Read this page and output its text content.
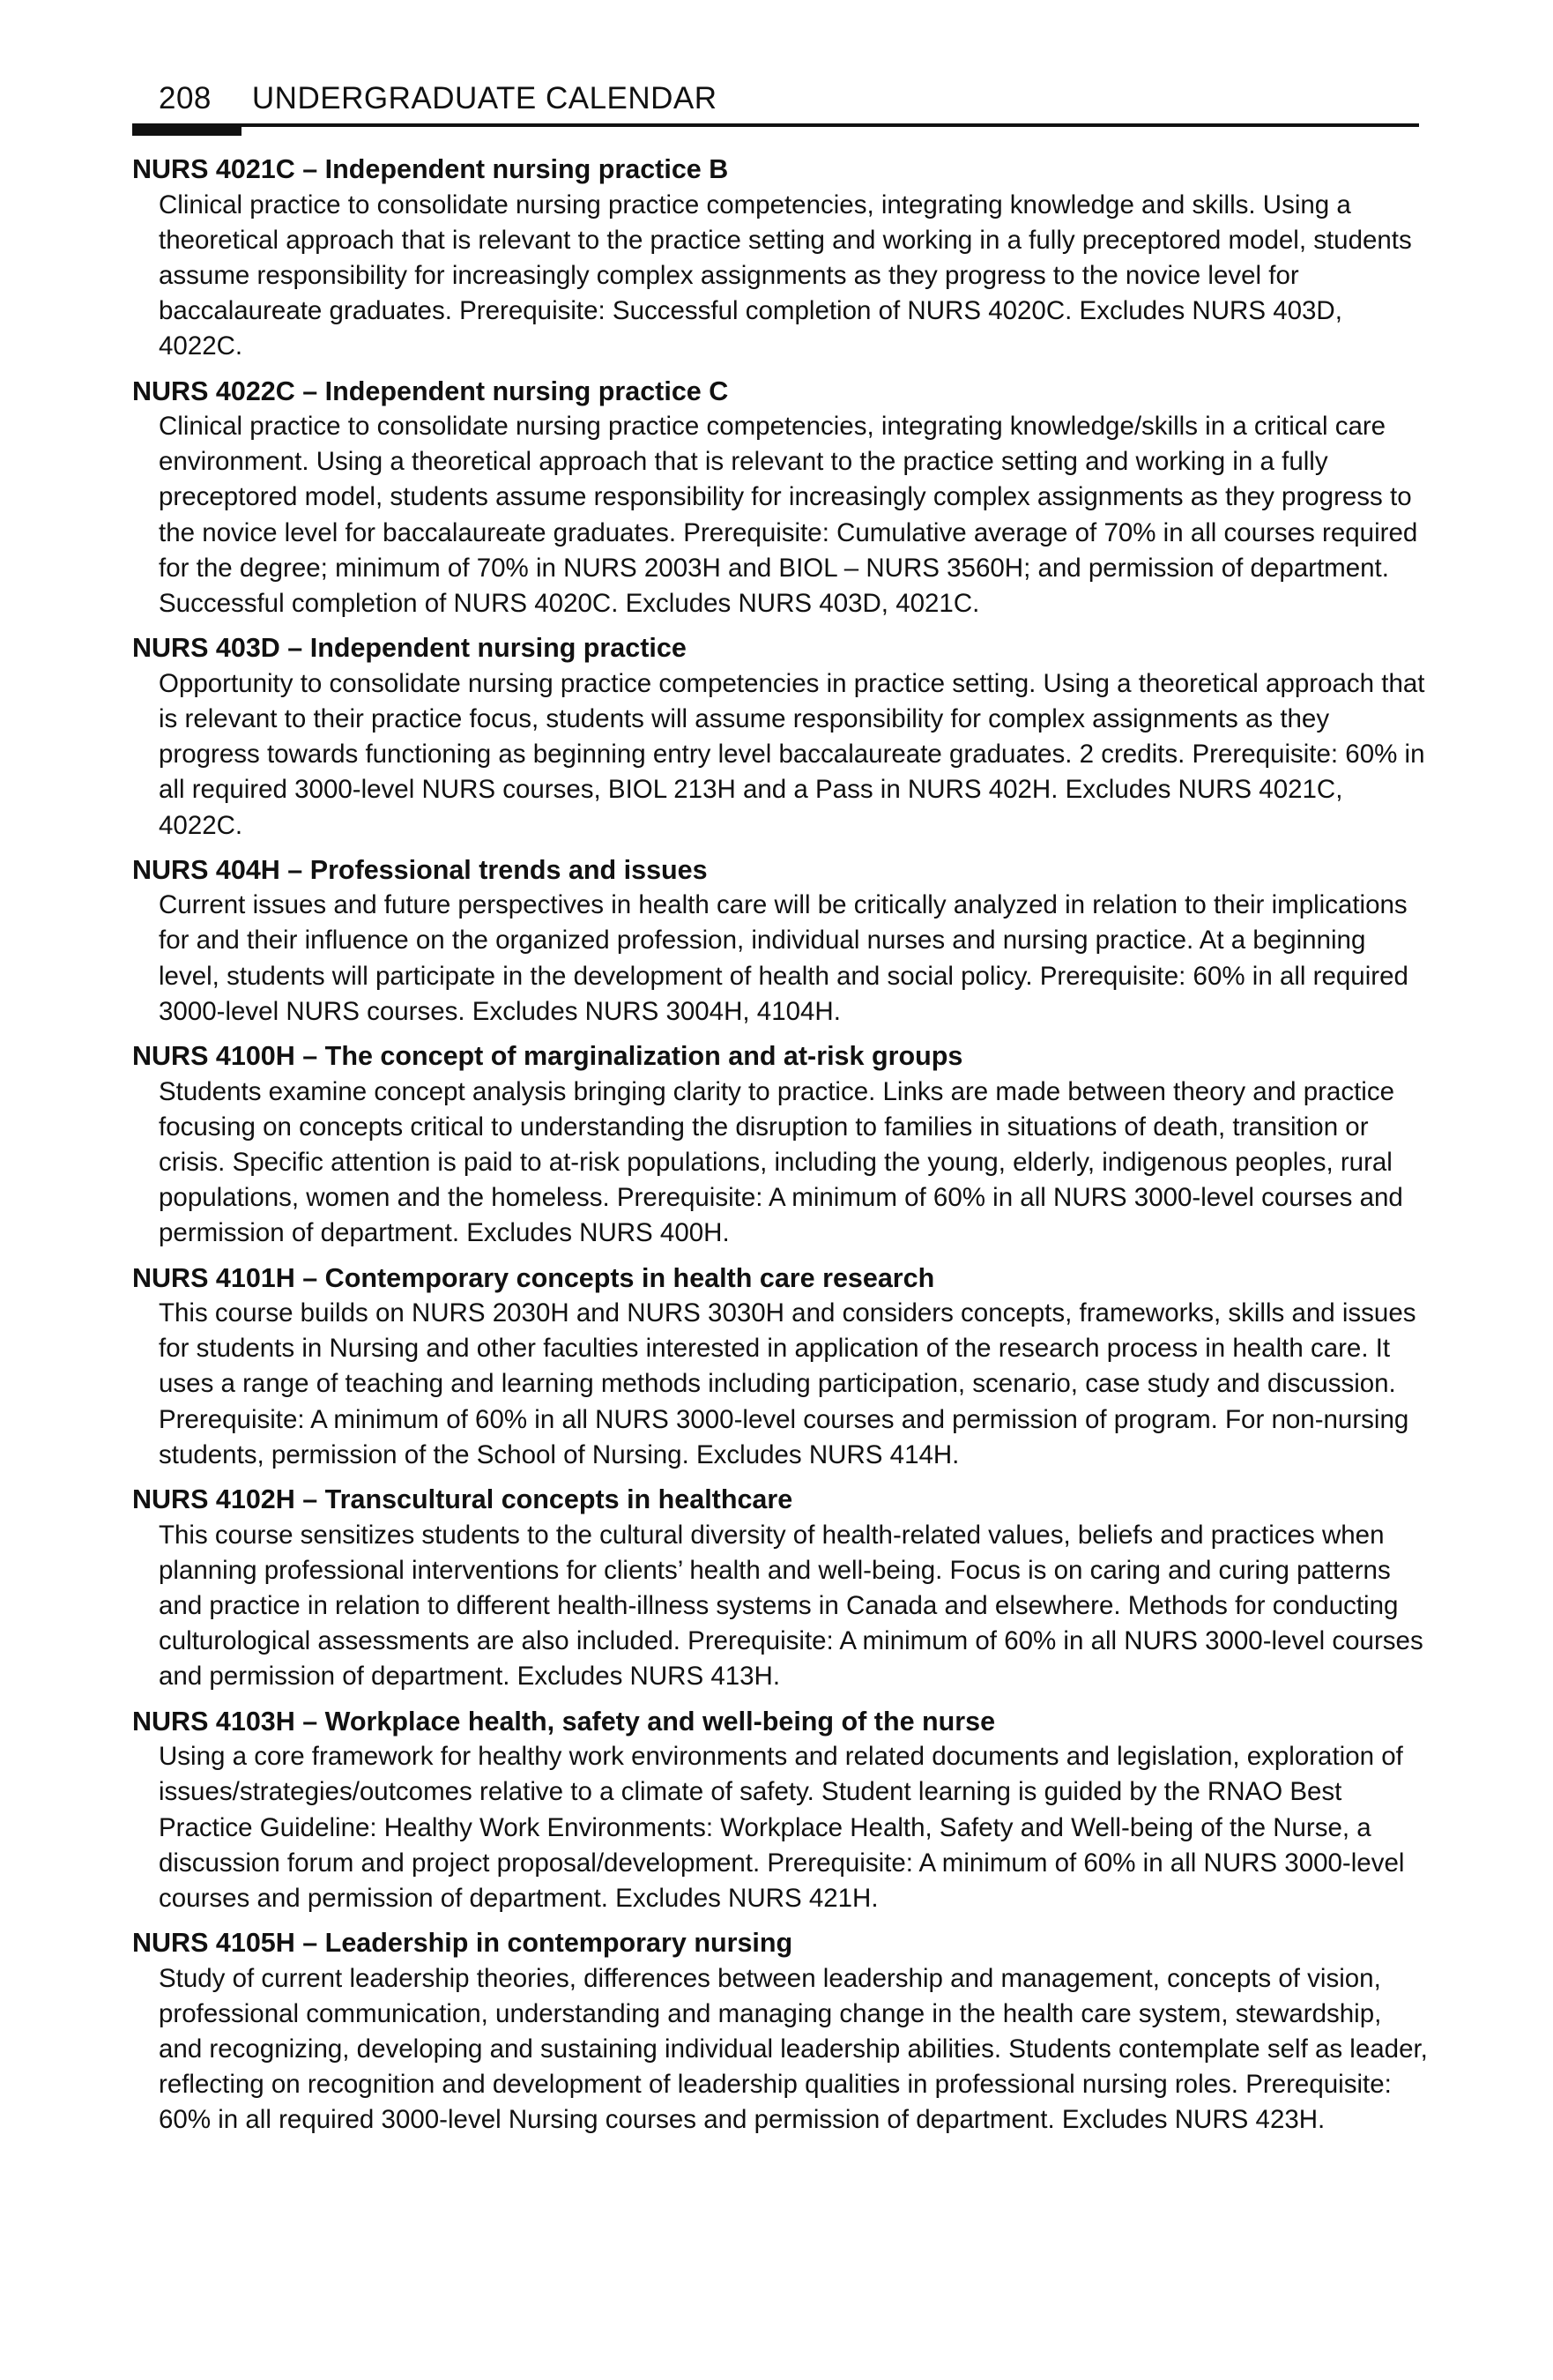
208 UNDERGRADUATE CALENDAR
NURS 4021C – Independent nursing practice B
Clinical practice to consolidate nursing practice competencies, integrating knowledge and skills. Using a theoretical approach that is relevant to the practice setting and working in a fully preceptored model, students assume responsibility for increasingly complex assignments as they progress to the novice level for baccalaureate graduates. Prerequisite: Successful completion of NURS 4020C. Excludes NURS 403D, 4022C.
NURS 4022C – Independent nursing practice C
Clinical practice to consolidate nursing practice competencies, integrating knowledge/skills in a critical care environment. Using a theoretical approach that is relevant to the practice setting and working in a fully preceptored model, students assume responsibility for increasingly complex assignments as they progress to the novice level for baccalaureate graduates. Prerequisite: Cumulative average of 70% in all courses required for the degree; minimum of 70% in NURS 2003H and BIOL – NURS 3560H; and permission of department. Successful completion of NURS 4020C. Excludes NURS 403D, 4021C.
NURS 403D – Independent nursing practice
Opportunity to consolidate nursing practice competencies in practice setting. Using a theoretical approach that is relevant to their practice focus, students will assume responsibility for complex assignments as they progress towards functioning as beginning entry level baccalaureate graduates. 2 credits. Prerequisite: 60% in all required 3000-level NURS courses, BIOL 213H and a Pass in NURS 402H. Excludes NURS 4021C, 4022C.
NURS 404H – Professional trends and issues
Current issues and future perspectives in health care will be critically analyzed in relation to their implications for and their influence on the organized profession, individual nurses and nursing practice. At a beginning level, students will participate in the development of health and social policy. Prerequisite: 60% in all required 3000-level NURS courses. Excludes NURS 3004H, 4104H.
NURS 4100H – The concept of marginalization and at-risk groups
Students examine concept analysis bringing clarity to practice. Links are made between theory and practice focusing on concepts critical to understanding the disruption to families in situations of death, transition or crisis. Specific attention is paid to at-risk populations, including the young, elderly, indigenous peoples, rural populations, women and the homeless. Prerequisite: A minimum of 60% in all NURS 3000-level courses and permission of department. Excludes NURS 400H.
NURS 4101H – Contemporary concepts in health care research
This course builds on NURS 2030H and NURS 3030H and considers concepts, frameworks, skills and issues for students in Nursing and other faculties interested in application of the research process in health care. It uses a range of teaching and learning methods including participation, scenario, case study and discussion. Prerequisite: A minimum of 60% in all NURS 3000-level courses and permission of program. For non-nursing students, permission of the School of Nursing. Excludes NURS 414H.
NURS 4102H – Transcultural concepts in healthcare
This course sensitizes students to the cultural diversity of health-related values, beliefs and practices when planning professional interventions for clients’ health and well-being. Focus is on caring and curing patterns and practice in relation to different health-illness systems in Canada and elsewhere. Methods for conducting culturological assessments are also included. Prerequisite: A minimum of 60% in all NURS 3000-level courses and permission of department. Excludes NURS 413H.
NURS 4103H – Workplace health, safety and well-being of the nurse
Using a core framework for healthy work environments and related documents and legislation, exploration of issues/strategies/outcomes relative to a climate of safety. Student learning is guided by the RNAO Best Practice Guideline: Healthy Work Environments: Workplace Health, Safety and Well-being of the Nurse, a discussion forum and project proposal/development. Prerequisite: A minimum of 60% in all NURS 3000-level courses and permission of department. Excludes NURS 421H.
NURS 4105H – Leadership in contemporary nursing
Study of current leadership theories, differences between leadership and management, concepts of vision, professional communication, understanding and managing change in the health care system, stewardship, and recognizing, developing and sustaining individual leadership abilities. Students contemplate self as leader, reflecting on recognition and development of leadership qualities in professional nursing roles. Prerequisite: 60% in all required 3000-level Nursing courses and permission of department. Excludes NURS 423H.
